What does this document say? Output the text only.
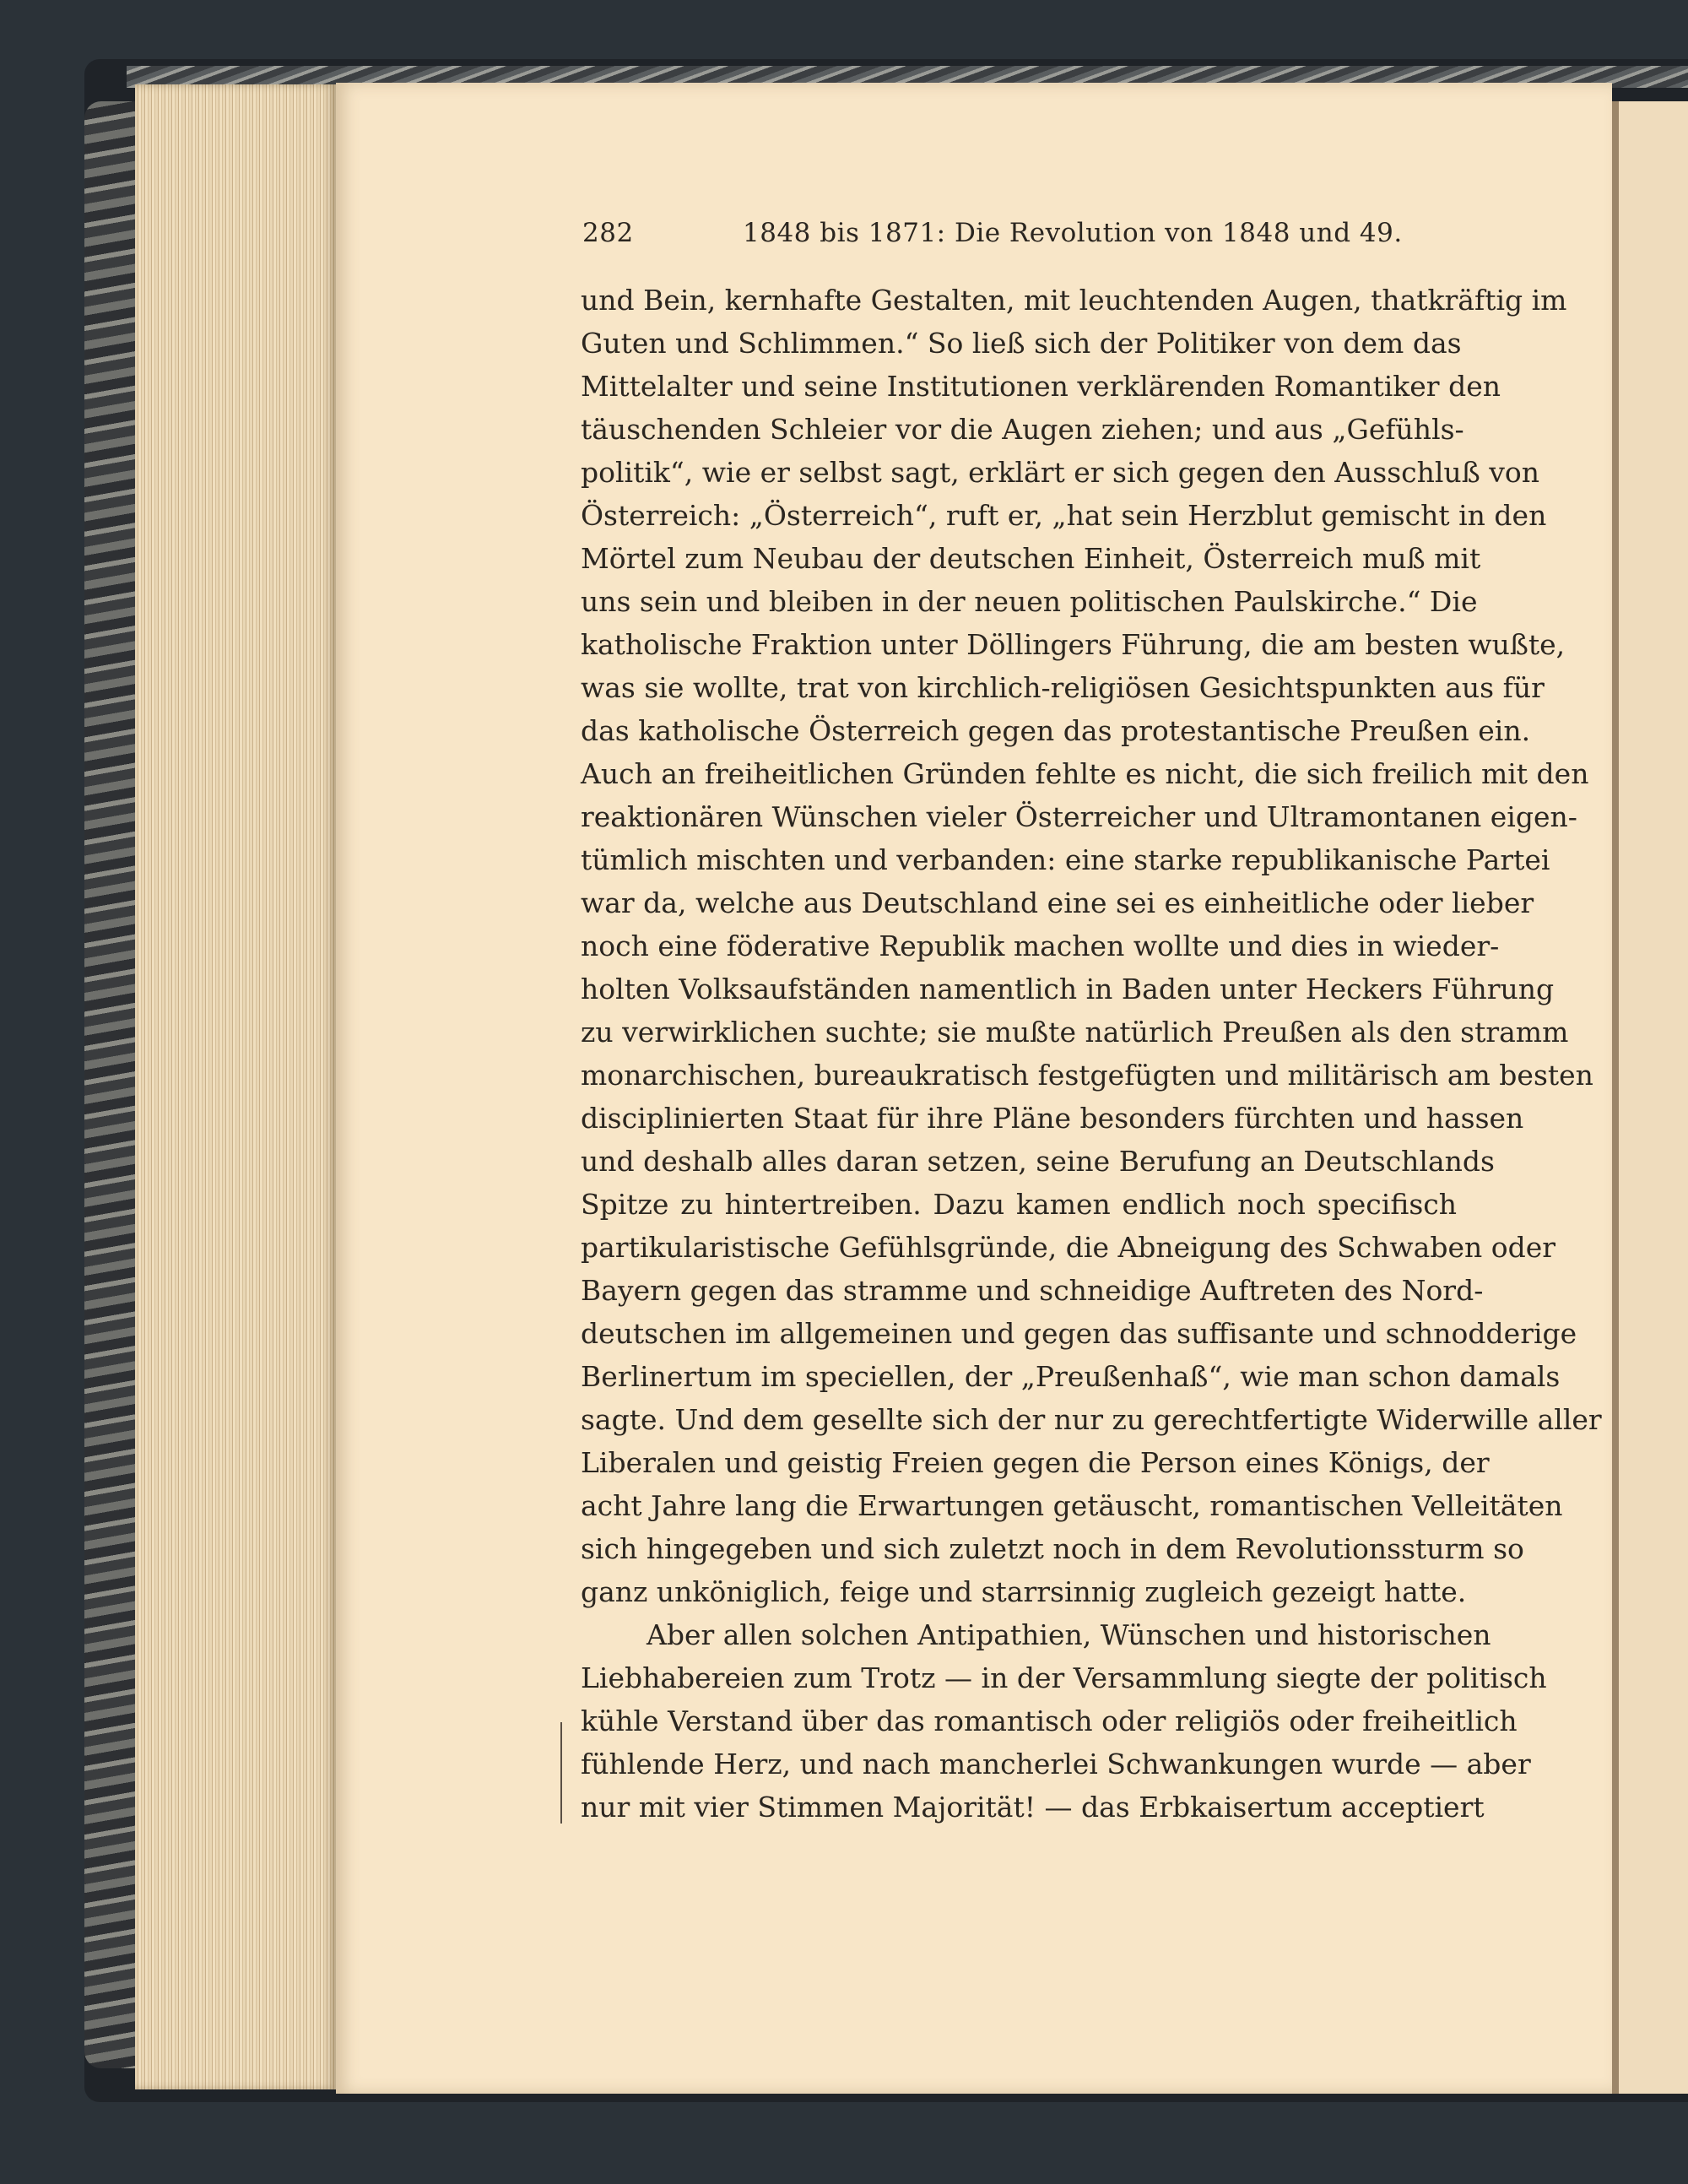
282	1848 bis 1871: Die Revolution von 1848 und 49.
und Bein, kernhafte Gestalten, mit leuchtenden Augen, thatkräftig im
Guten und Schlimmen.“ So ließ sich der Politiker von dem das
Mittelalter und seine Institutionen verklärenden Romantiker den
täuschenden Schleier vor die Augen ziehen; und aus „Gefühls-
politik“, wie er selbst sagt, erklärt er sich gegen den Ausschluß von
Österreich: „Österreich“, ruft er, „hat sein Herzblut gemischt in den
Mörtel zum Neubau der deutschen Einheit, Österreich muß mit
uns sein und bleiben in der neuen politischen Paulskirche.“ Die
katholische Fraktion unter Döllingers Führung, die am besten wußte,
was sie wollte, trat von kirchlich-religiösen Gesichtspunkten aus für
das katholische Österreich gegen das protestantische Preußen ein.
Auch an freiheitlichen Gründen fehlte es nicht, die sich freilich mit den
reaktionären Wünschen vieler Österreicher und Ultramontanen eigen-
tümlich mischten und verbanden: eine starke republikanische Partei
war da, welche aus Deutschland eine sei es einheitliche oder lieber
noch eine föderative Republik machen wollte und dies in wieder-
holten Volksaufständen namentlich in Baden unter Heckers Führung
zu verwirklichen suchte; sie mußte natürlich Preußen als den stramm
monarchischen, bureaukratisch festgefügten und militärisch am besten
disciplinierten Staat für ihre Pläne besonders fürchten und hassen
und deshalb alles daran setzen, seine Berufung an Deutschlands
Spitze zu hintertreiben. Dazu kamen endlich noch specifisch
partikularistische Gefühlsgründe, die Abneigung des Schwaben oder
Bayern gegen das stramme und schneidige Auftreten des Nord-
deutschen im allgemeinen und gegen das suffisante und schnodderige
Berlinertum im speciellen, der „Preußenhaß“, wie man schon damals
sagte. Und dem gesellte sich der nur zu gerechtfertigte Widerwille aller
Liberalen und geistig Freien gegen die Person eines Königs, der
acht Jahre lang die Erwartungen getäuscht, romantischen Velleitäten
sich hingegeben und sich zuletzt noch in dem Revolutionssturm so
ganz unköniglich, feige und starrsinnig zugleich gezeigt hatte.
Aber allen solchen Antipathien, Wünschen und historischen
Liebhabereien zum Trotz — in der Versammlung siegte der politisch
kühle Verstand über das romantisch oder religiös oder freiheitlich
fühlende Herz, und nach mancherlei Schwankungen wurde — aber
nur mit vier Stimmen Majorität! — das Erbkaisertum acceptiert
